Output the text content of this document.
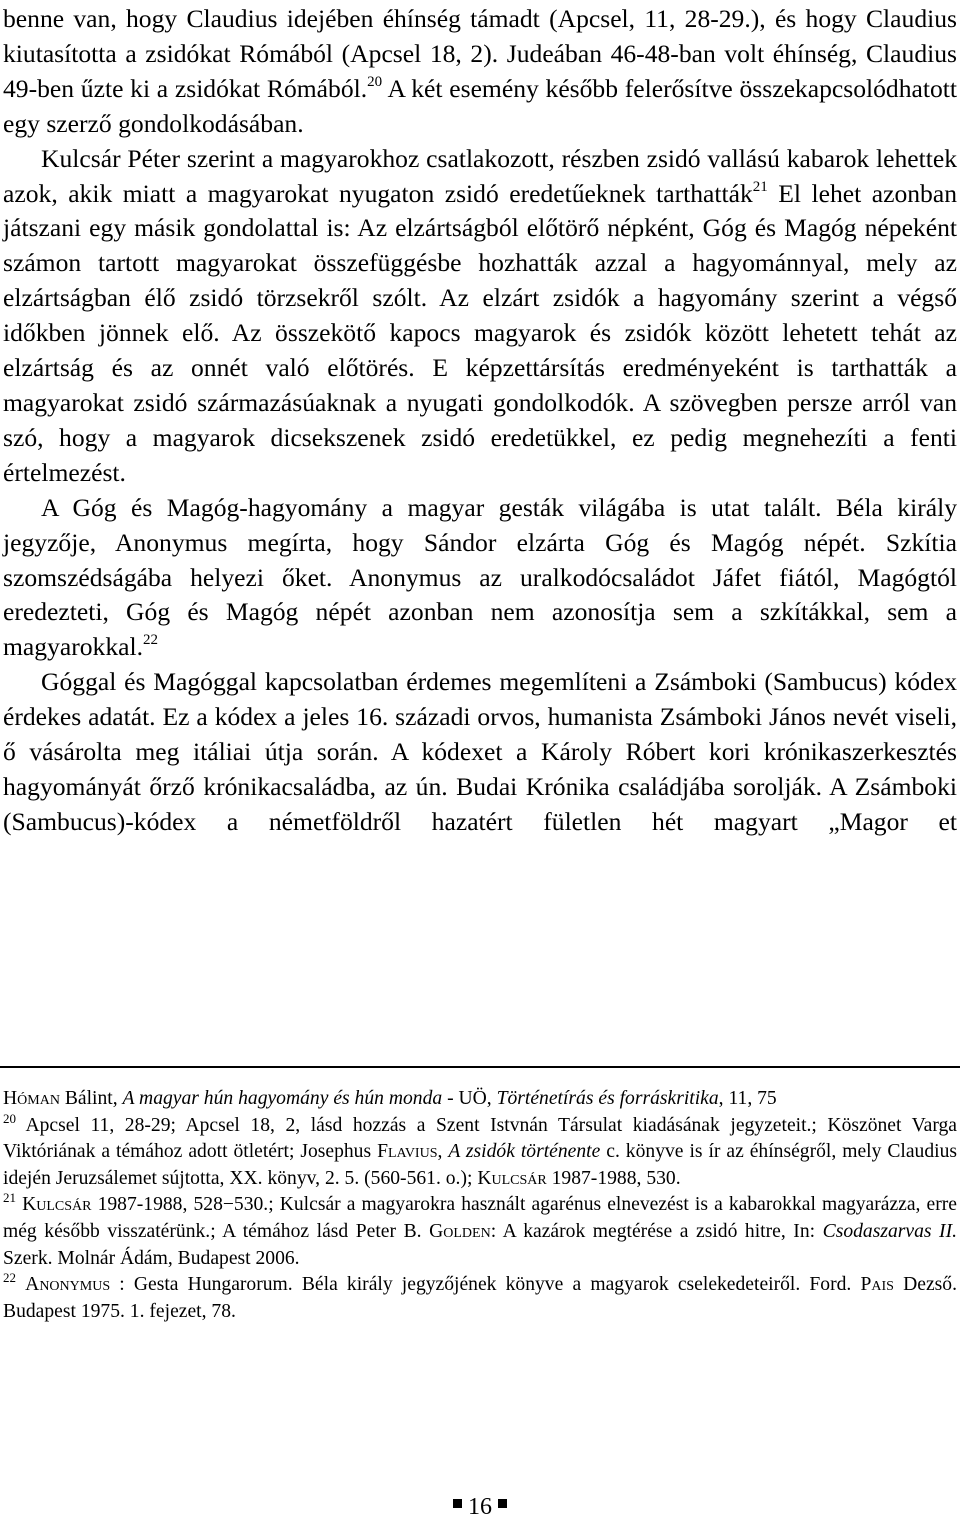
benne van, hogy Claudius idejében éhínség támadt (Apcsel, 11, 28-29.), és hogy Claudius kiutasította a zsidókat Rómából (Apcsel 18, 2). Judeában 46-48-ban volt éhínség, Claudius 49-ben űzte ki a zsidókat Rómából.$^{20}$ A két esemény később felerősítve összekapcsolódhatott egy szerző gondolkodásában.

Kulcsár Péter szerint a magyarokhoz csatlakozott, részben zsidó vallású kabarok lehettek azok, akik miatt a magyarokat nyugaton zsidó eredetűeknek tarthatták$^{21}$ El lehet azonban játszani egy másik gondolattal is: Az elzártságból előtörő népként, Góg és Magóg népeként számon tartott magyarokat összefüggésbe hozhatták azzal a hagyománnyal, mely az elzártságban élő zsidó törzsekről szólt. Az elzárt zsidók a hagyomány szerint a végső időkben jönnek elő. Az összekötő kapocs magyarok és zsidók között lehetett tehát az elzártság és az onnét való előtörés. E képzettársítás eredményeként is tarthatták a magyarokat zsidó származásúaknak a nyugati gondolkodók. A szövegben persze arról van szó, hogy a magyarok dicsekszenek zsidó eredetükkel, ez pedig megnehezíti a fenti értelmezést.

A Góg és Magóg-hagyomány a magyar gesták világába is utat talált. Béla király jegyzője, Anonymus megírta, hogy Sándor elzárta Góg és Magóg népét. Szkítia szomszédságába helyezi őket. Anonymus az uralkodócsaládot Jáfet fiától, Magógtól eredezteti, Góg és Magóg népét azonban nem azonosítja sem a szkítákkal, sem a magyarokkal.$^{22}$

Góggal és Magóggal kapcsolatban érdemes megemlíteni a Zsámboki (Sambucus) kódex érdekes adatát. Ez a kódex a jeles 16. századi orvos, humanista Zsámboki János nevét viseli, ő vásárolta meg itáliai útja során. A kódexet a Károly Róbert kori krónikaszerkesztés hagyományát őrző krónikacsaládba, az ún. Budai Krónika családjába sorolják. A Zsámboki (Sambucus)-kódex a németföldről hazatért fületlen hét magyart „Magor et

Hóman Bálint, A magyar hún hagyomány és hún monda - UÖ, Történetírás és forráskritika, 11, 75

$^{20}$ Apcsel 11, 28-29; Apcsel 18, 2, lásd hozzás a Szent Istvnán Társulat kiadásának jegyzeteit.; Köszönet Varga Viktóriának a témához adott ötletért; Josephus Flavius, A zsidók történente c. könyve is ír az éhínségről, mely Claudius idején Jeruzsálemet sújtotta, XX. könyv, 2. 5. (560-561. o.); Kulcsár 1987-1988, 530.

$^{21}$ Kulcsár 1987-1988, 528−530.; Kulcsár a magyarokra használt agarénus elnevezést is a kabarokkal magyarázza, erre még később visszatérünk.; A témához lásd Peter B. Golden: A kazárok megtérése a zsidó hitre, In: Csodaszarvas II. Szerk. Molnár Ádám, Budapest 2006.

$^{22}$ Anonymus : Gesta Hungarorum. Béla király jegyzőjének könyve a magyarok cselekedeteiről. Ford. Pais Dezső. Budapest 1975. 1. fejezet, 78.

16
